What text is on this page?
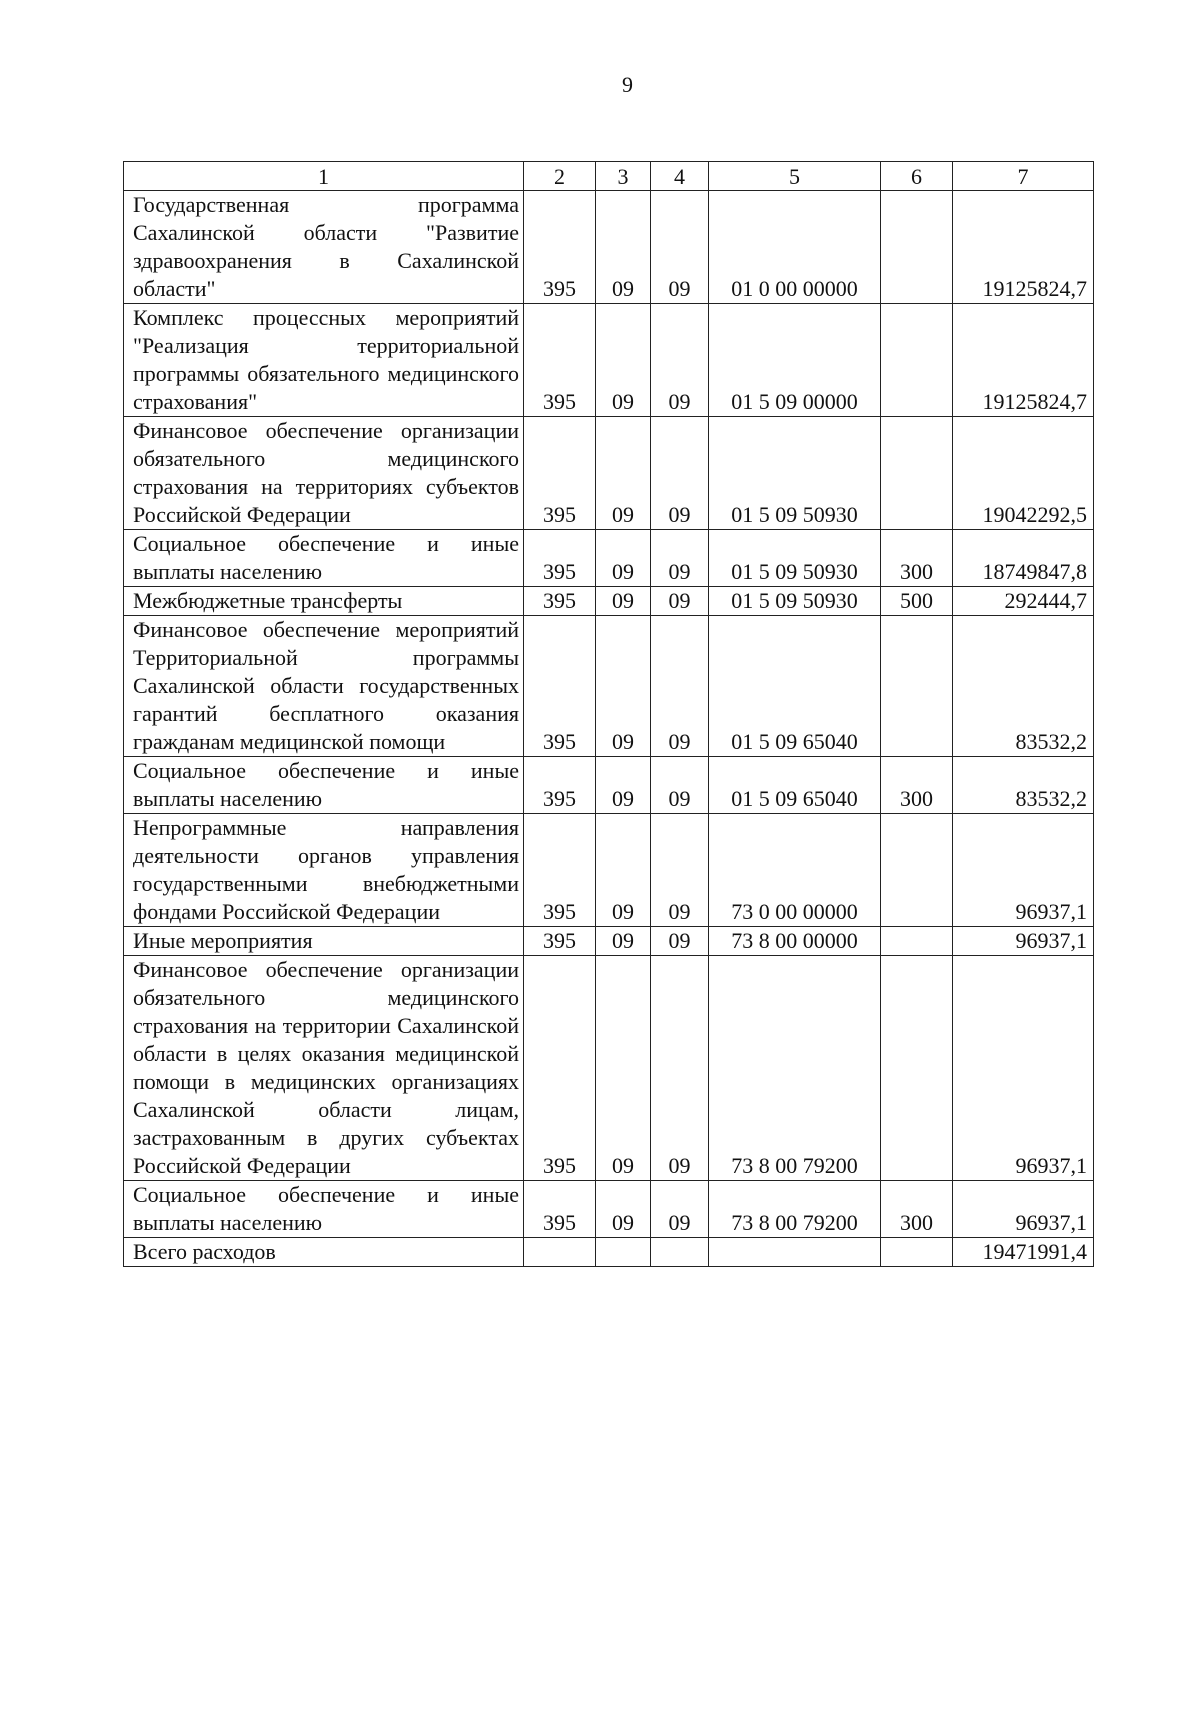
9
1	2	3	4	5	6	7
Государственная программа Сахалинской области "Развитие здравоохранения в Сахалинской области"	395	09	09	01 0 00 00000		19125824,7
Комплекс процессных мероприятий "Реализация территориальной программы обязательного медицинского страхования"	395	09	09	01 5 09 00000		19125824,7
Финансовое обеспечение организации обязательного медицинского страхования на территориях субъектов Российской Федерации	395	09	09	01 5 09 50930		19042292,5
Социальное обеспечение и иные выплаты населению	395	09	09	01 5 09 50930	300	18749847,8
Межбюджетные трансферты	395	09	09	01 5 09 50930	500	292444,7
Финансовое обеспечение мероприятий Территориальной программы Сахалинской области государственных гарантий бесплатного оказания гражданам медицинской помощи	395	09	09	01 5 09 65040		83532,2
Социальное обеспечение и иные выплаты населению	395	09	09	01 5 09 65040	300	83532,2
Непрограммные направления деятельности органов управления государственными внебюджетными фондами Российской Федерации	395	09	09	73 0 00 00000		96937,1
Иные мероприятия	395	09	09	73 8 00 00000		96937,1
Финансовое обеспечение организации обязательного медицинского страхования на территории Сахалинской области в целях оказания медицинской помощи в медицинских организациях Сахалинской области лицам, застрахованным в других субъектах Российской Федерации	395	09	09	73 8 00 79200		96937,1
Социальное обеспечение и иные выплаты населению	395	09	09	73 8 00 79200	300	96937,1
Всего расходов						19471991,4
